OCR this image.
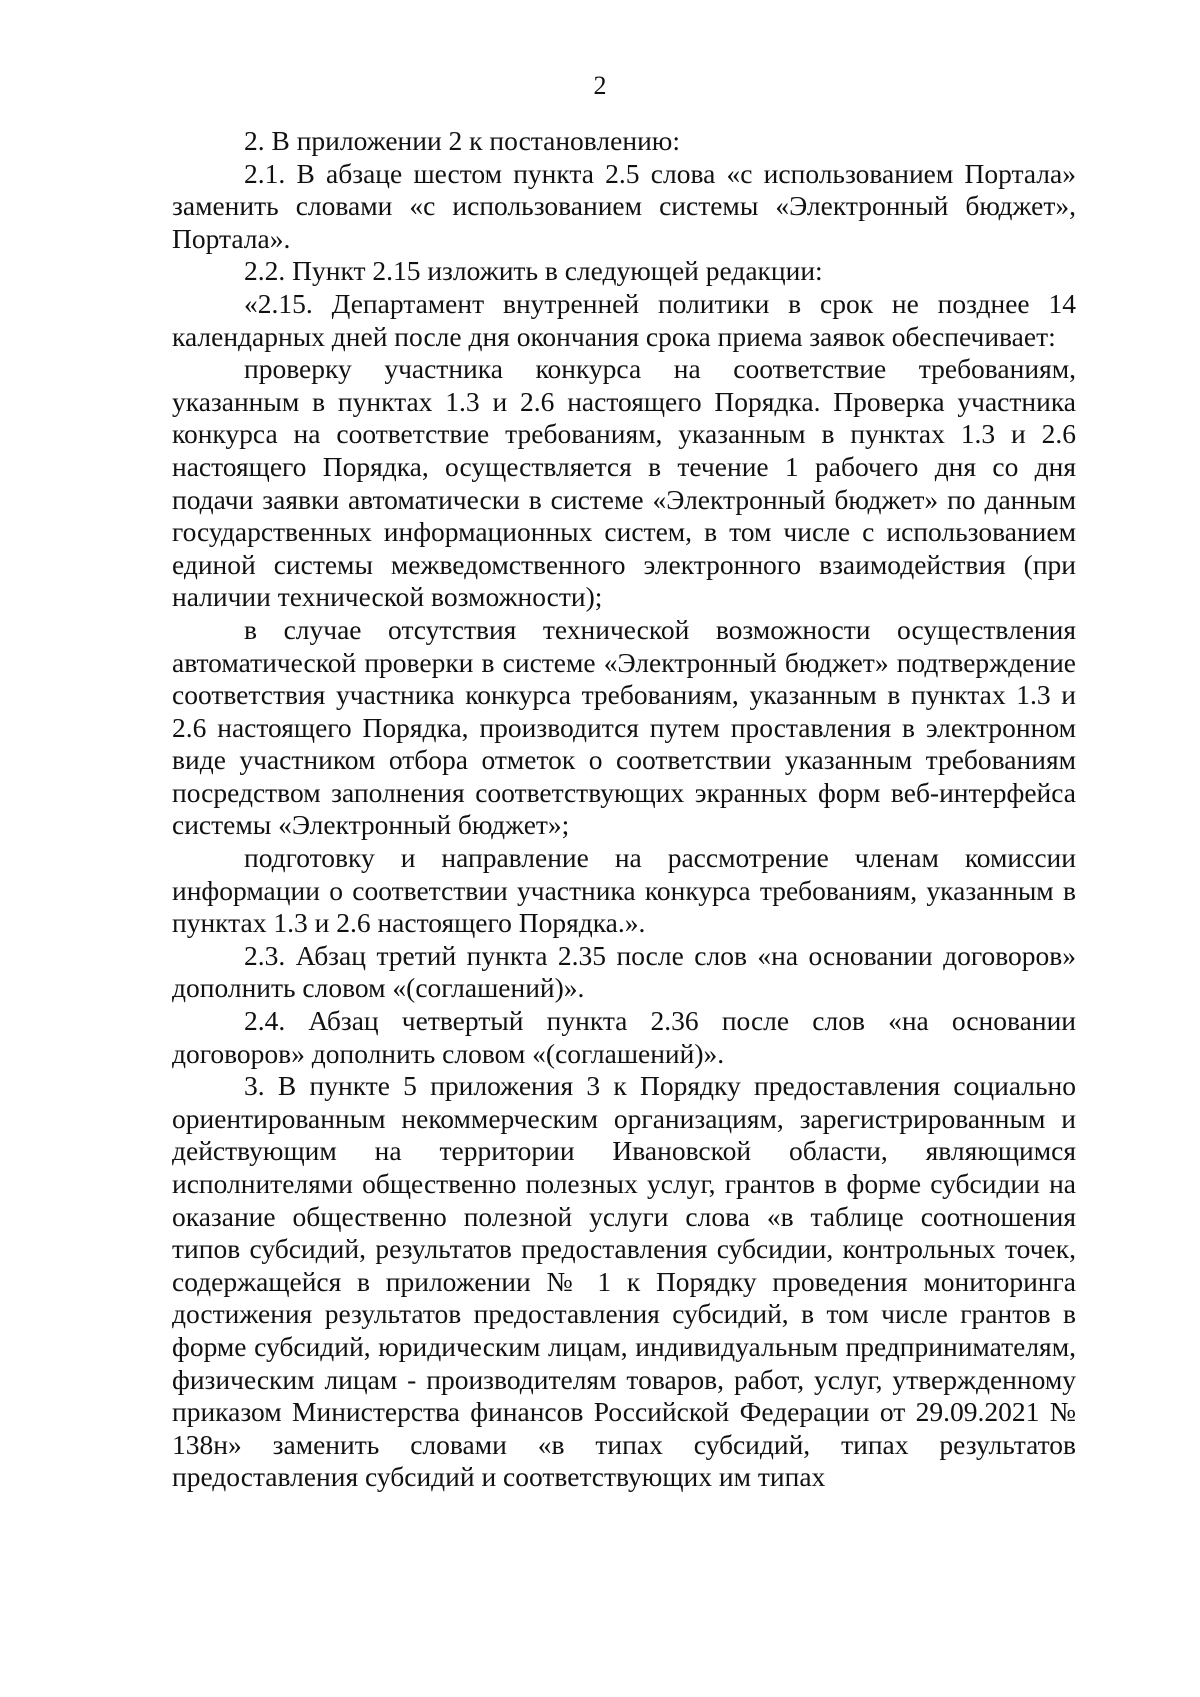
2

2. В приложении 2 к постановлению:

2.1. В абзаце шестом пункта 2.5 слова «с использованием Портала» заменить словами «с использованием системы «Электронный бюджет», Портала».

2.2. Пункт 2.15 изложить в следующей редакции:

«2.15. Департамент внутренней политики в срок не позднее 14 календарных дней после дня окончания срока приема заявок обеспечивает:

проверку участника конкурса на соответствие требованиям, указанным в пунктах 1.3 и 2.6 настоящего Порядка. Проверка участника конкурса на соответствие требованиям, указанным в пунктах 1.3 и 2.6 настоящего Порядка, осуществляется в течение 1 рабочего дня со дня подачи заявки автоматически в системе «Электронный бюджет» по данным государственных информационных систем, в том числе с использованием единой системы межведомственного электронного взаимодействия (при наличии технической возможности);

в случае отсутствия технической возможности осуществления автоматической проверки в системе «Электронный бюджет» подтверждение соответствия участника конкурса требованиям, указанным в пунктах 1.3 и 2.6 настоящего Порядка, производится путем проставления в электронном виде участником отбора отметок о соответствии указанным требованиям посредством заполнения соответствующих экранных форм веб-интерфейса системы «Электронный бюджет»;

подготовку и направление на рассмотрение членам комиссии информации о соответствии участника конкурса требованиям, указанным в пунктах 1.3 и 2.6 настоящего Порядка.».

2.3. Абзац третий пункта 2.35 после слов «на основании договоров» дополнить словом «(соглашений)».

2.4. Абзац четвертый пункта 2.36 после слов «на основании договоров» дополнить словом «(соглашений)».

3. В пункте 5 приложения 3 к Порядку предоставления социально ориентированным некоммерческим организациям, зарегистрированным и действующим на территории Ивановской области, являющимся исполнителями общественно полезных услуг, грантов в форме субсидии на оказание общественно полезной услуги слова «в таблице соотношения типов субсидий, результатов предоставления субсидии, контрольных точек, содержащейся в приложении № 1 к Порядку проведения мониторинга достижения результатов предоставления субсидий, в том числе грантов в форме субсидий, юридическим лицам, индивидуальным предпринимателям, физическим лицам - производителям товаров, работ, услуг, утвержденному приказом Министерства финансов Российской Федерации от 29.09.2021 № 138н» заменить словами «в типах субсидий, типах результатов предоставления субсидий и соответствующих им типах
